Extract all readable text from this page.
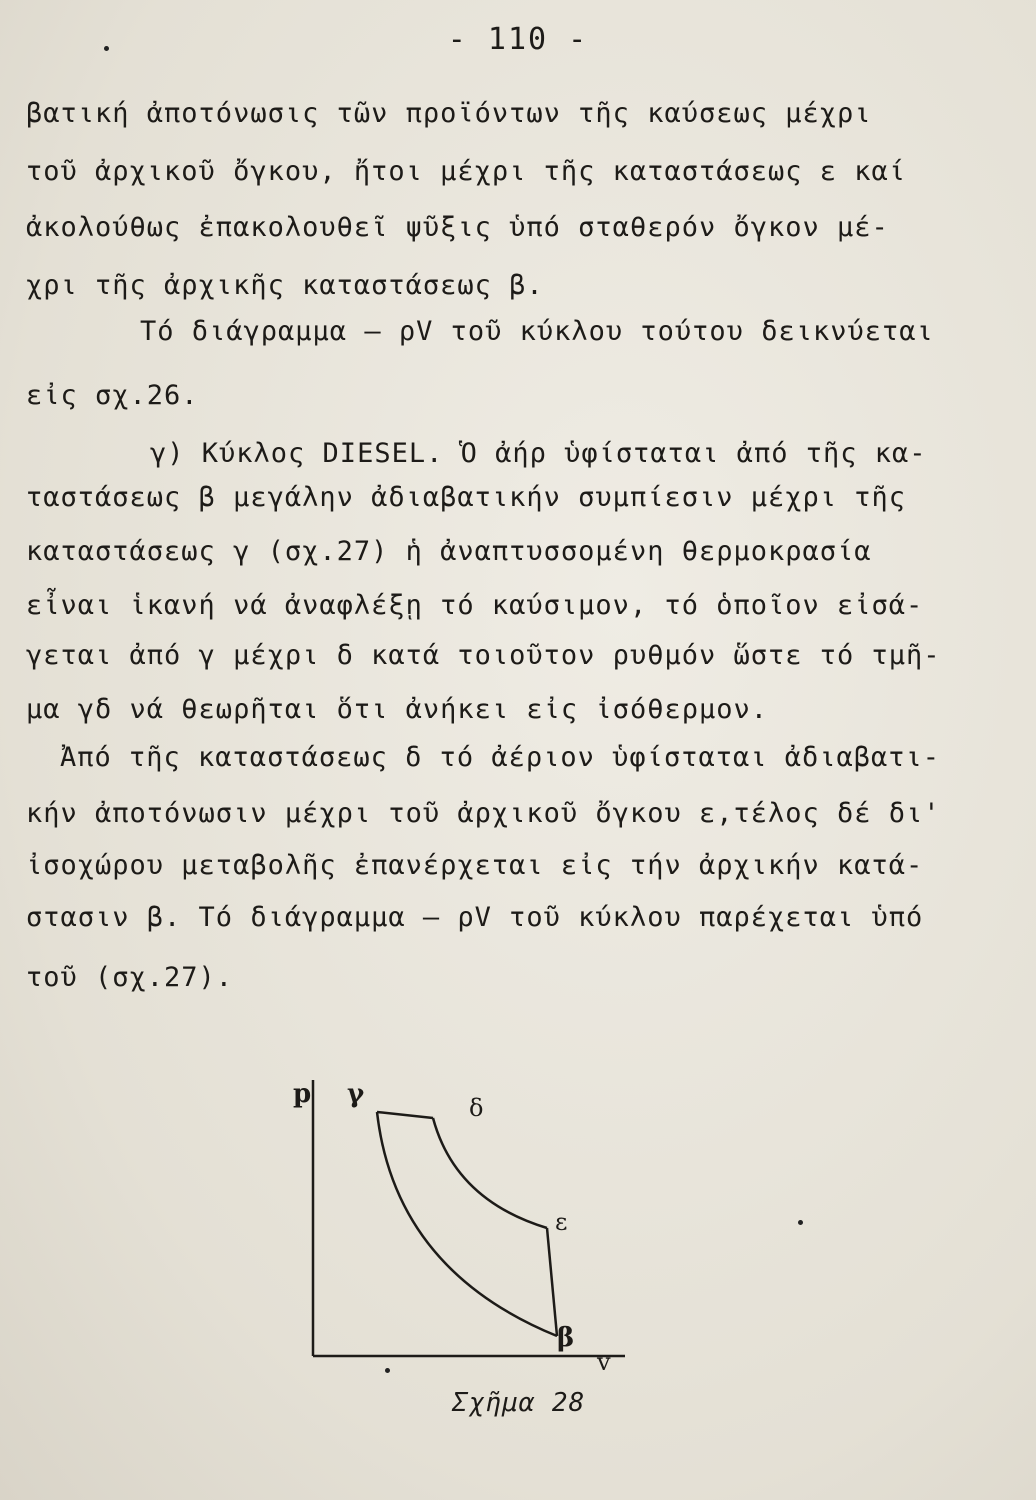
- 110 -
βατική ἀποτόνωσις τῶν προϊόντων τῆς καύσεως μέχρι
τοῦ ἀρχικοῦ ὄγκου, ἤτοι μέχρι τῆς καταστάσεως ε καί
ἀκολούθως ἐπακολουθεῖ ψῦξις ὑπό σταθερόν ὄγκον μέ-
χρι τῆς ἀρχικῆς καταστάσεως β.
Τό διάγραμμα – ρV τοῦ κύκλου τούτου δεικνύεται
εἰς σχ.26.
γ) Κύκλος DIESEL. Ὁ ἀήρ ὑφίσταται ἀπό τῆς κα-
ταστάσεως β μεγάλην ἀδιαβατικήν συμπίεσιν μέχρι τῆς
καταστάσεως γ (σχ.27) ἡ ἀναπτυσσομένη θερμοκρασία
εἶναι ἱκανή νά ἀναφλέξῃ τό καύσιμον, τό ὁποῖον εἰσά-
γεται ἀπό γ μέχρι δ κατά τοιοῦτον ρυθμόν ὥστε τό τμῆ-
μα γδ νά θεωρῆται ὅτι ἀνήκει εἰς ἰσόθερμον.
Ἀπό τῆς καταστάσεως δ τό ἀέριον ὑφίσταται ἀδιαβατι-
κήν ἀποτόνωσιν μέχρι τοῦ ἀρχικοῦ ὄγκου ε,τέλος δέ δι'
ἰσοχώρου μεταβολῆς ἐπανέρχεται εἰς τήν ἀρχικήν κατά-
στασιν β. Τό διάγραμμα – ρV τοῦ κύκλου παρέχεται ὑπό
τοῦ (σχ.27).
p γ	δ
ε
β
v
Σχῆμα 28
